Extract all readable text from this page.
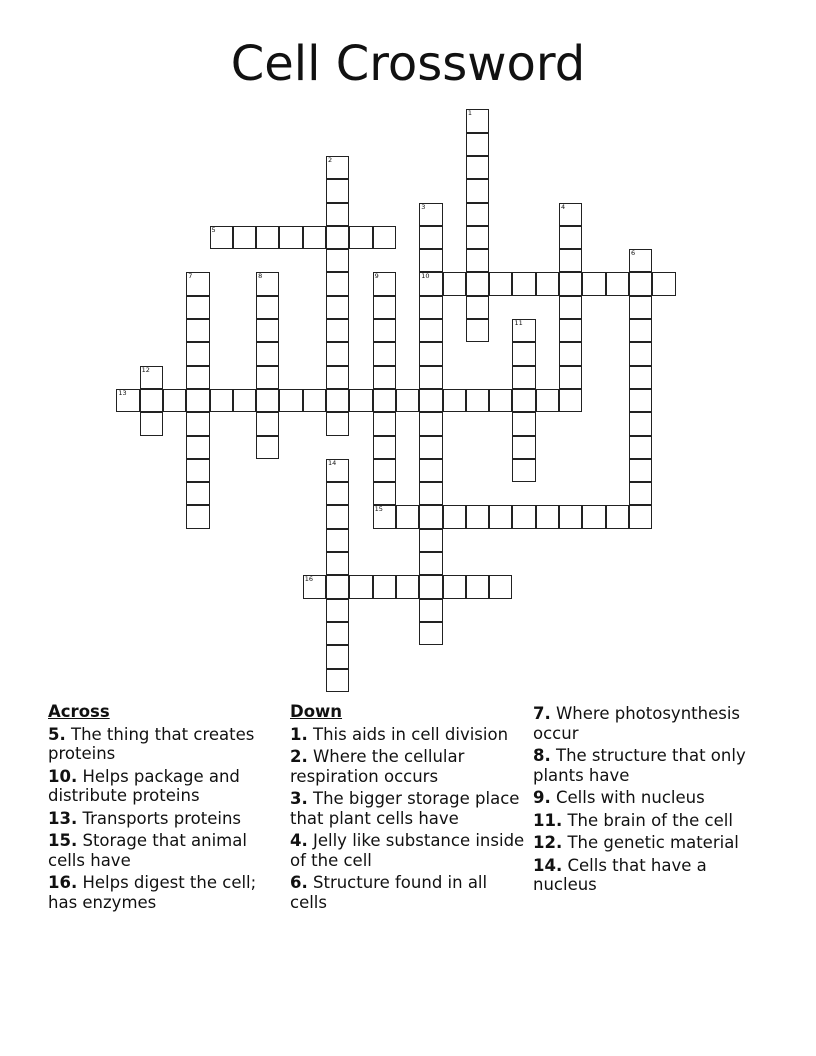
Cell Crossword
1
2
3
10
4
5
6
7	8	9
11
12
13
14
15
16
Across
5. The thing that creates proteins
10. Helps package and distribute proteins
13. Transports proteins
15. Storage that animal cells have
16. Helps digest the cell; has enzymes
Down
1. This aids in cell division
2. Where the cellular respiration occurs
3. The bigger storage place that plant cells have
4. Jelly like substance inside of the cell
6. Structure found in all cells
7. Where photosynthesis occur
8. The structure that only plants have
9. Cells with nucleus
11. The brain of the cell
12. The genetic material
14. Cells that have a nucleus
